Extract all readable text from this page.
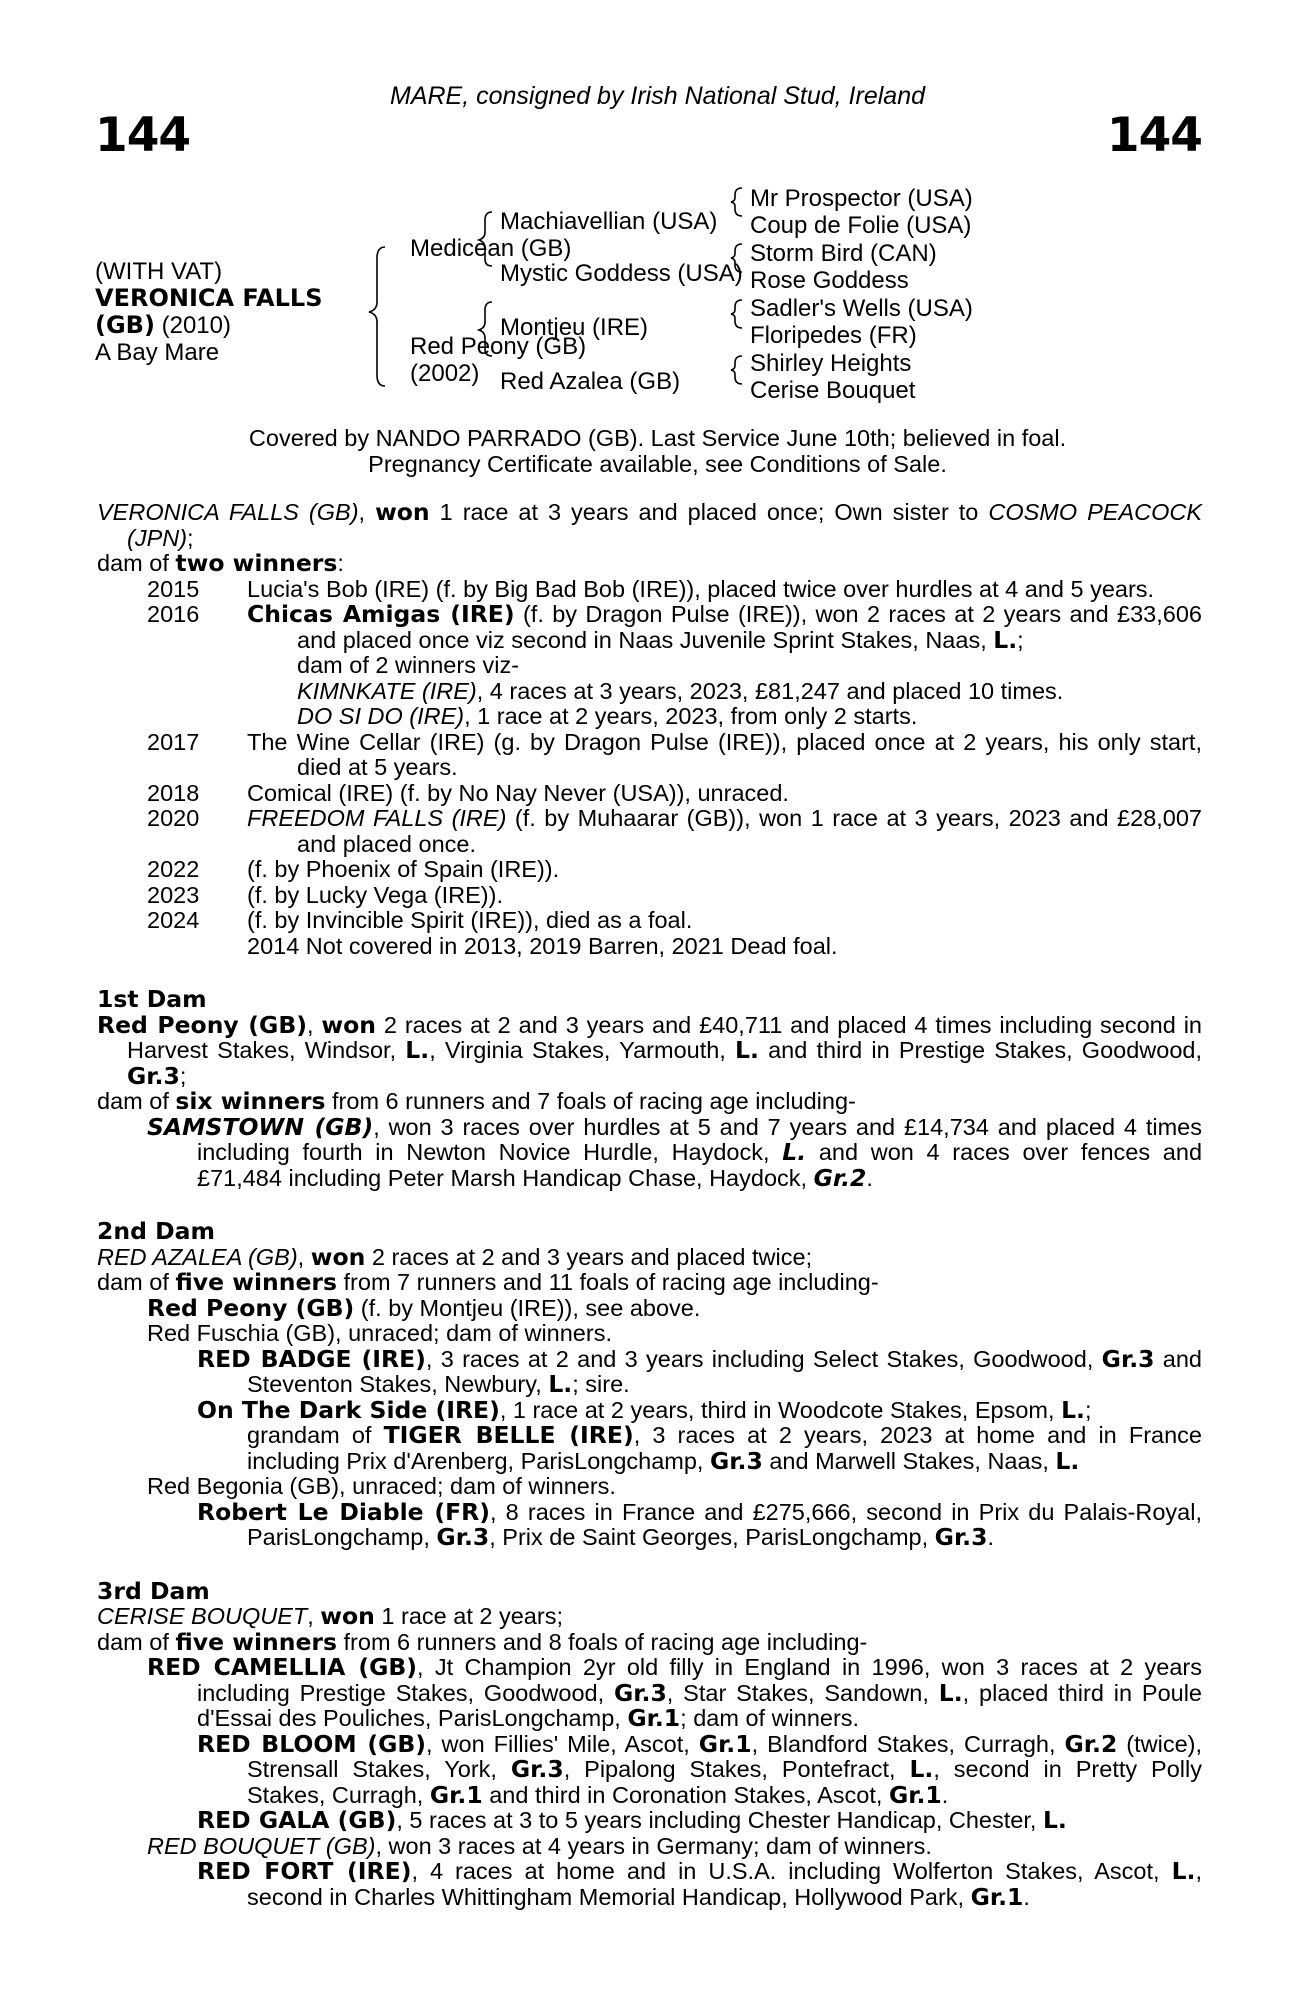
MARE, consigned by Irish National Stud, Ireland
144	144
(WITH VAT)
VERONICA FALLS
(GB) (2010)
A Bay Mare
Medicean (GB)
Red Peony (GB)
(2002)
Machiavellian (USA)
Mystic Goddess (USA)
Montjeu (IRE)
Red Azalea (GB)
Mr Prospector (USA)
Coup de Folie (USA)
Storm Bird (CAN)
Rose Goddess
Sadler's Wells (USA)
Floripedes (FR)
Shirley Heights
Cerise Bouquet
Covered by NANDO PARRADO (GB). Last Service June 10th; believed in foal.
Pregnancy Certificate available, see Conditions of Sale.

VERONICA FALLS (GB), won 1 race at 3 years and placed once; Own sister to COSMO PEACOCK (JPN);

dam of two winners:

2015	Lucia's Bob (IRE) (f. by Big Bad Bob (IRE)), placed twice over hurdles at 4 and 5 years.
2016	Chicas Amigas (IRE) (f. by Dragon Pulse (IRE)), won 2 races at 2 years and £33,606 and placed once viz second in Naas Juvenile Sprint Stakes, Naas, L.;
dam of 2 winners viz-
KIMNKATE (IRE), 4 races at 3 years, 2023, £81,247 and placed 10 times.
DO SI DO (IRE), 1 race at 2 years, 2023, from only 2 starts.
2017	The Wine Cellar (IRE) (g. by Dragon Pulse (IRE)), placed once at 2 years, his only start, died at 5 years.
2018	Comical (IRE) (f. by No Nay Never (USA)), unraced.
2020	FREEDOM FALLS (IRE) (f. by Muhaarar (GB)), won 1 race at 3 years, 2023 and £28,007 and placed once.
2022	(f. by Phoenix of Spain (IRE)).
2023	(f. by Lucky Vega (IRE)).
2024	(f. by Invincible Spirit (IRE)), died as a foal.
2014 Not covered in 2013, 2019 Barren, 2021 Dead foal.

1st Dam

Red Peony (GB), won 2 races at 2 and 3 years and £40,711 and placed 4 times including second in Harvest Stakes, Windsor, L., Virginia Stakes, Yarmouth, L. and third in Prestige Stakes, Goodwood, Gr.3;

dam of six winners from 6 runners and 7 foals of racing age including-

SAMSTOWN (GB), won 3 races over hurdles at 5 and 7 years and £14,734 and placed 4 times including fourth in Newton Novice Hurdle, Haydock, L. and won 4 races over fences and £71,484 including Peter Marsh Handicap Chase, Haydock, Gr.2.

2nd Dam

RED AZALEA (GB), won 2 races at 2 and 3 years and placed twice;

dam of five winners from 7 runners and 11 foals of racing age including-

Red Peony (GB) (f. by Montjeu (IRE)), see above.

Red Fuschia (GB), unraced; dam of winners.

RED BADGE (IRE), 3 races at 2 and 3 years including Select Stakes, Goodwood, Gr.3 and Steventon Stakes, Newbury, L.; sire.

On The Dark Side (IRE), 1 race at 2 years, third in Woodcote Stakes, Epsom, L.;
grandam of TIGER BELLE (IRE), 3 races at 2 years, 2023 at home and in France including Prix d'Arenberg, ParisLongchamp, Gr.3 and Marwell Stakes, Naas, L.

Red Begonia (GB), unraced; dam of winners.

Robert Le Diable (FR), 8 races in France and £275,666, second in Prix du Palais-Royal, ParisLongchamp, Gr.3, Prix de Saint Georges, ParisLongchamp, Gr.3.

3rd Dam

CERISE BOUQUET, won 1 race at 2 years;

dam of five winners from 6 runners and 8 foals of racing age including-

RED CAMELLIA (GB), Jt Champion 2yr old filly in England in 1996, won 3 races at 2 years including Prestige Stakes, Goodwood, Gr.3, Star Stakes, Sandown, L., placed third in Poule d'Essai des Pouliches, ParisLongchamp, Gr.1; dam of winners.

RED BLOOM (GB), won Fillies' Mile, Ascot, Gr.1, Blandford Stakes, Curragh, Gr.2 (twice), Strensall Stakes, York, Gr.3, Pipalong Stakes, Pontefract, L., second in Pretty Polly Stakes, Curragh, Gr.1 and third in Coronation Stakes, Ascot, Gr.1.

RED GALA (GB), 5 races at 3 to 5 years including Chester Handicap, Chester, L.

RED BOUQUET (GB), won 3 races at 4 years in Germany; dam of winners.

RED FORT (IRE), 4 races at home and in U.S.A. including Wolferton Stakes, Ascot, L., second in Charles Whittingham Memorial Handicap, Hollywood Park, Gr.1.
